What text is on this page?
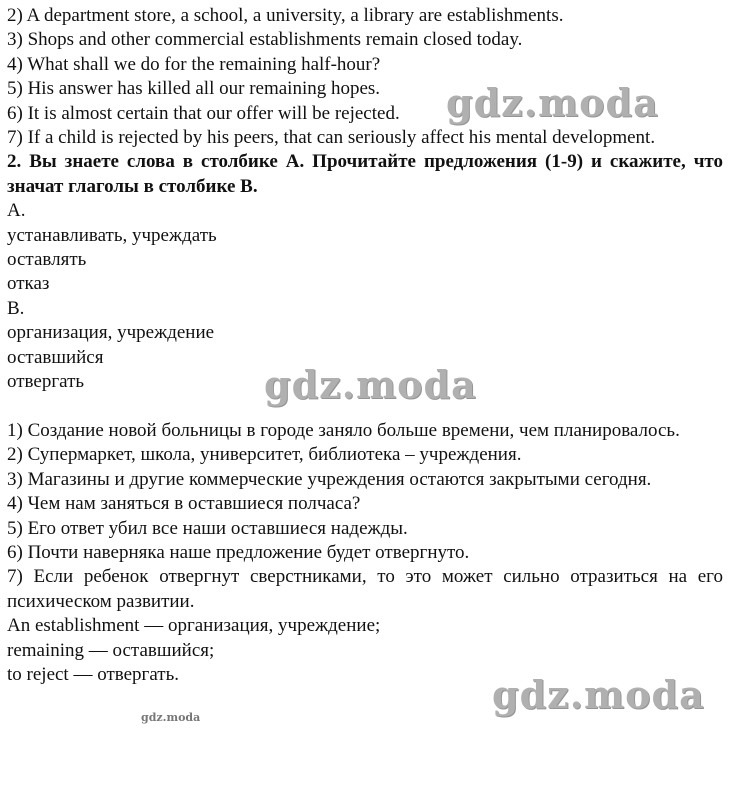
2) A department store, a school, a university, a library are establishments.

3) Shops and other commercial establishments remain closed today.

4) What shall we do for the remaining half-hour?

5) His answer has killed all our remaining hopes.

6) It is almost certain that our offer will be rejected.

7) If a child is rejected by his peers, that can seriously affect his mental development.

2. Вы знаете слова в столбике A. Прочитайте предложения (1-9) и скажите, что значат глаголы в столбике B.

A.

устанавливать, учреждать

оставлять

отказ

B.

организация, учреждение

оставшийся

отвергать

1) Создание новой больницы в городе заняло больше времени, чем планировалось.

2) Супермаркет, школа, университет, библиотека – учреждения.

3) Магазины и другие коммерческие учреждения остаются закрытыми сегодня.

4) Чем нам заняться в оставшиеся полчаса?

5) Его ответ убил все наши оставшиеся надежды.

6) Почти наверняка наше предложение будет отвергнуто.

7) Если ребенок отвергнут сверстниками, то это может сильно отразиться на его психическом развитии.

An establishment — организация, учреждение;

remaining — оставшийся;

to reject — отвергать.

gdz.moda
gdz.moda
gdz.moda
gdz.moda
